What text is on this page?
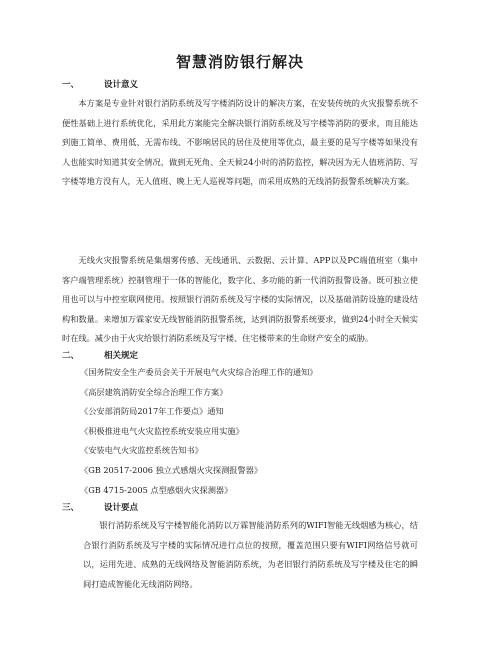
智慧消防银行解决
一、	设计意义
本方案是专业针对银行消防系统及写字楼消防设计的解决方案，在安装传统的火灾报警系统不便性基础上进行系统优化，采用此方案能完全解决银行消防系统及写字楼等消防的要求，而且能达到施工简单、费用低、无需布线、不影响居民的居住及使用等优点，最主要的是写字楼等如果没有人也能实时知道其安全情况，做到无死角、全天候24小时的消防监控，解决因为无人值班消防、写字楼等地方没有人，无人值班、晚上无人巡视等问题，而采用成熟的无线消防报警系统解决方案。
无线火灾报警系统是集烟雾传感、无线通讯、云数据、云计算、APP以及PC端值班室（集中客户端管理系统）控制管理于一体的智能化，数字化、多功能的新一代消防报警设备。既可独立使用也可以与中控室联网使用。按照银行消防系统及写字楼的实际情况，以及基础消防设施的建设结构和数量。来增加万霖家安无线智能消防报警系统，达到消防报警系统要求，做到24小时全天候实时在线。减少由于火灾给银行消防系统及写字楼、住宅楼带来的生命财产安全的威胁。
二、	相关规定
《国务院安全生产委员会关于开展电气火灾综合治理工作的通知》
《高层建筑消防安全综合治理工作方案》
《公安部消防局2017年工作要点》通知
《积极推进电气火灾监控系统安装应用实施》
《安装电气火灾监控系统告知书》
《GB 20517-2006 独立式感烟火灾探测报警器》
《GB 4715-2005 点型感烟火灾探测器》
三、	设计要点
银行消防系统及写字楼智能化消防以万霖智能消防系列的WIFI智能无线烟感为核心，结合银行消防系统及写字楼的实际情况进行点位的按照，覆盖范围只要有WIFI网络信号就可以，运用先进、成熟的无线网络及智能消防系统，为老旧银行消防系统及写字楼及住宅的瞬间打造成智能化无线消防网络。
